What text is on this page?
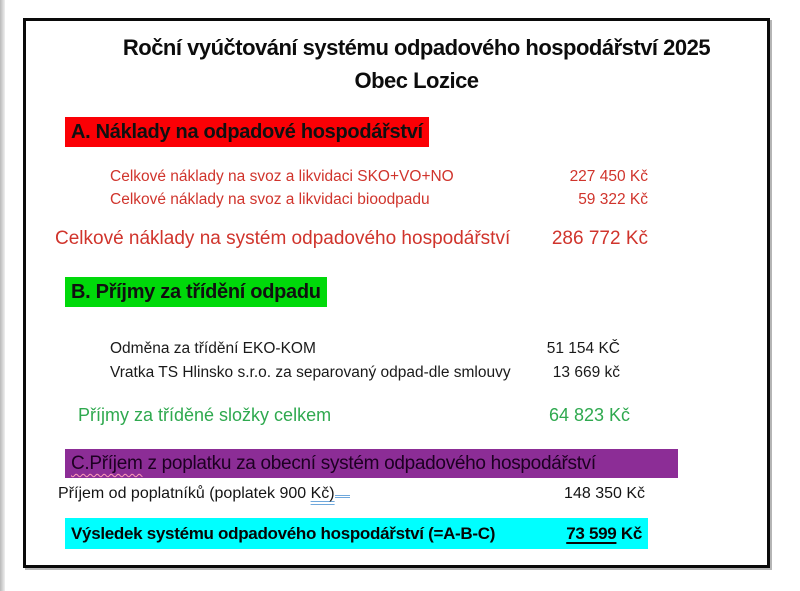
Roční vyúčtování systému odpadového hospodářství 2025
Obec Lozice
A. Náklady na odpadové hospodářství
Celkové náklady na svoz a likvidaci SKO+VO+NO	227 450 Kč
Celkové náklady na svoz a likvidaci bioodpadu	59 322 Kč
Celkové náklady na systém odpadového hospodářství 286 772 Kč
B. Příjmy za třídění odpadu
Odměna za třídění EKO-KOM	51 154 KČ
Vratka TS Hlinsko s.r.o. za separovaný odpad-dle smlouvy	13 669 kč
Příjmy za tříděné složky celkem	64 823 Kč
C.Příjem z poplatku za obecní systém odpadového hospodářství
Příjem od poplatníků (poplatek 900 Kč)	148 350 Kč
Výsledek systému odpadového hospodářství (=A-B-C)	73 599 Kč
